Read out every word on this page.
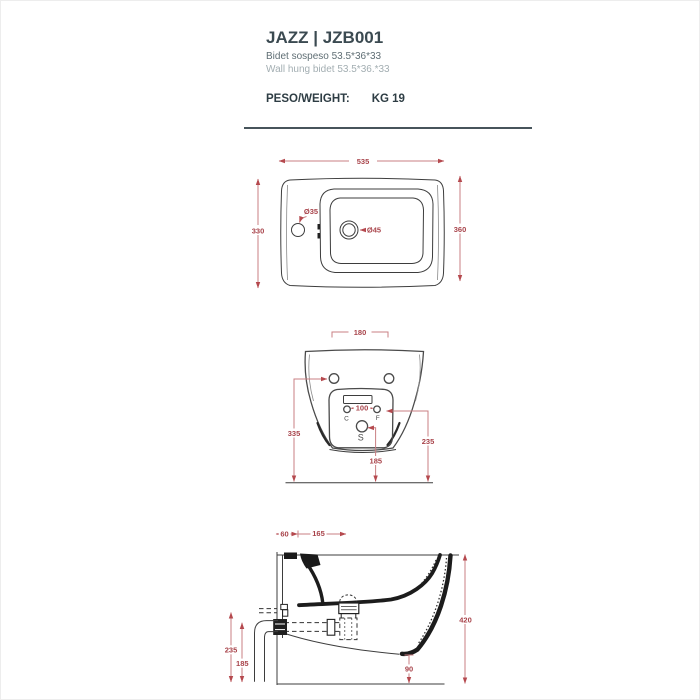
JAZZ | JZB001
Bidet sospeso 53.5*36*33
Wall hung bidet 53.5*36.*33
PESO/WEIGHT: KG 19
535
Ø35
Ø45
330	360
180
100
C	F
S
335
235
185
60	165
420
235
185
90
